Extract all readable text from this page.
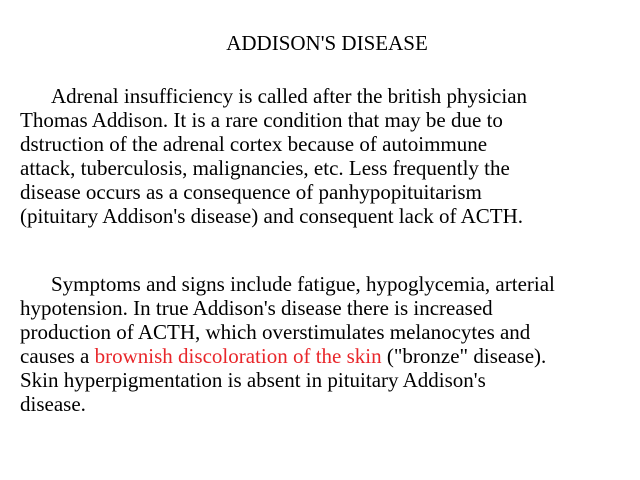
ADDISON'S DISEASE

Adrenal insufficiency is called after the british physician
Thomas Addison. It is a rare condition that may be due to
dstruction of the adrenal cortex because of autoimmune
attack, tuberculosis, malignancies, etc. Less frequently the
disease occurs as a consequence of panhypopituitarism
(pituitary Addison's disease) and consequent lack of ACTH.

Symptoms and signs include fatigue, hypoglycemia, arterial
hypotension. In true Addison's disease there is increased
production of ACTH, which overstimulates melanocytes and
causes a brownish discoloration of the skin ("bronze" disease).
Skin hyperpigmentation is absent in pituitary Addison's
disease.
